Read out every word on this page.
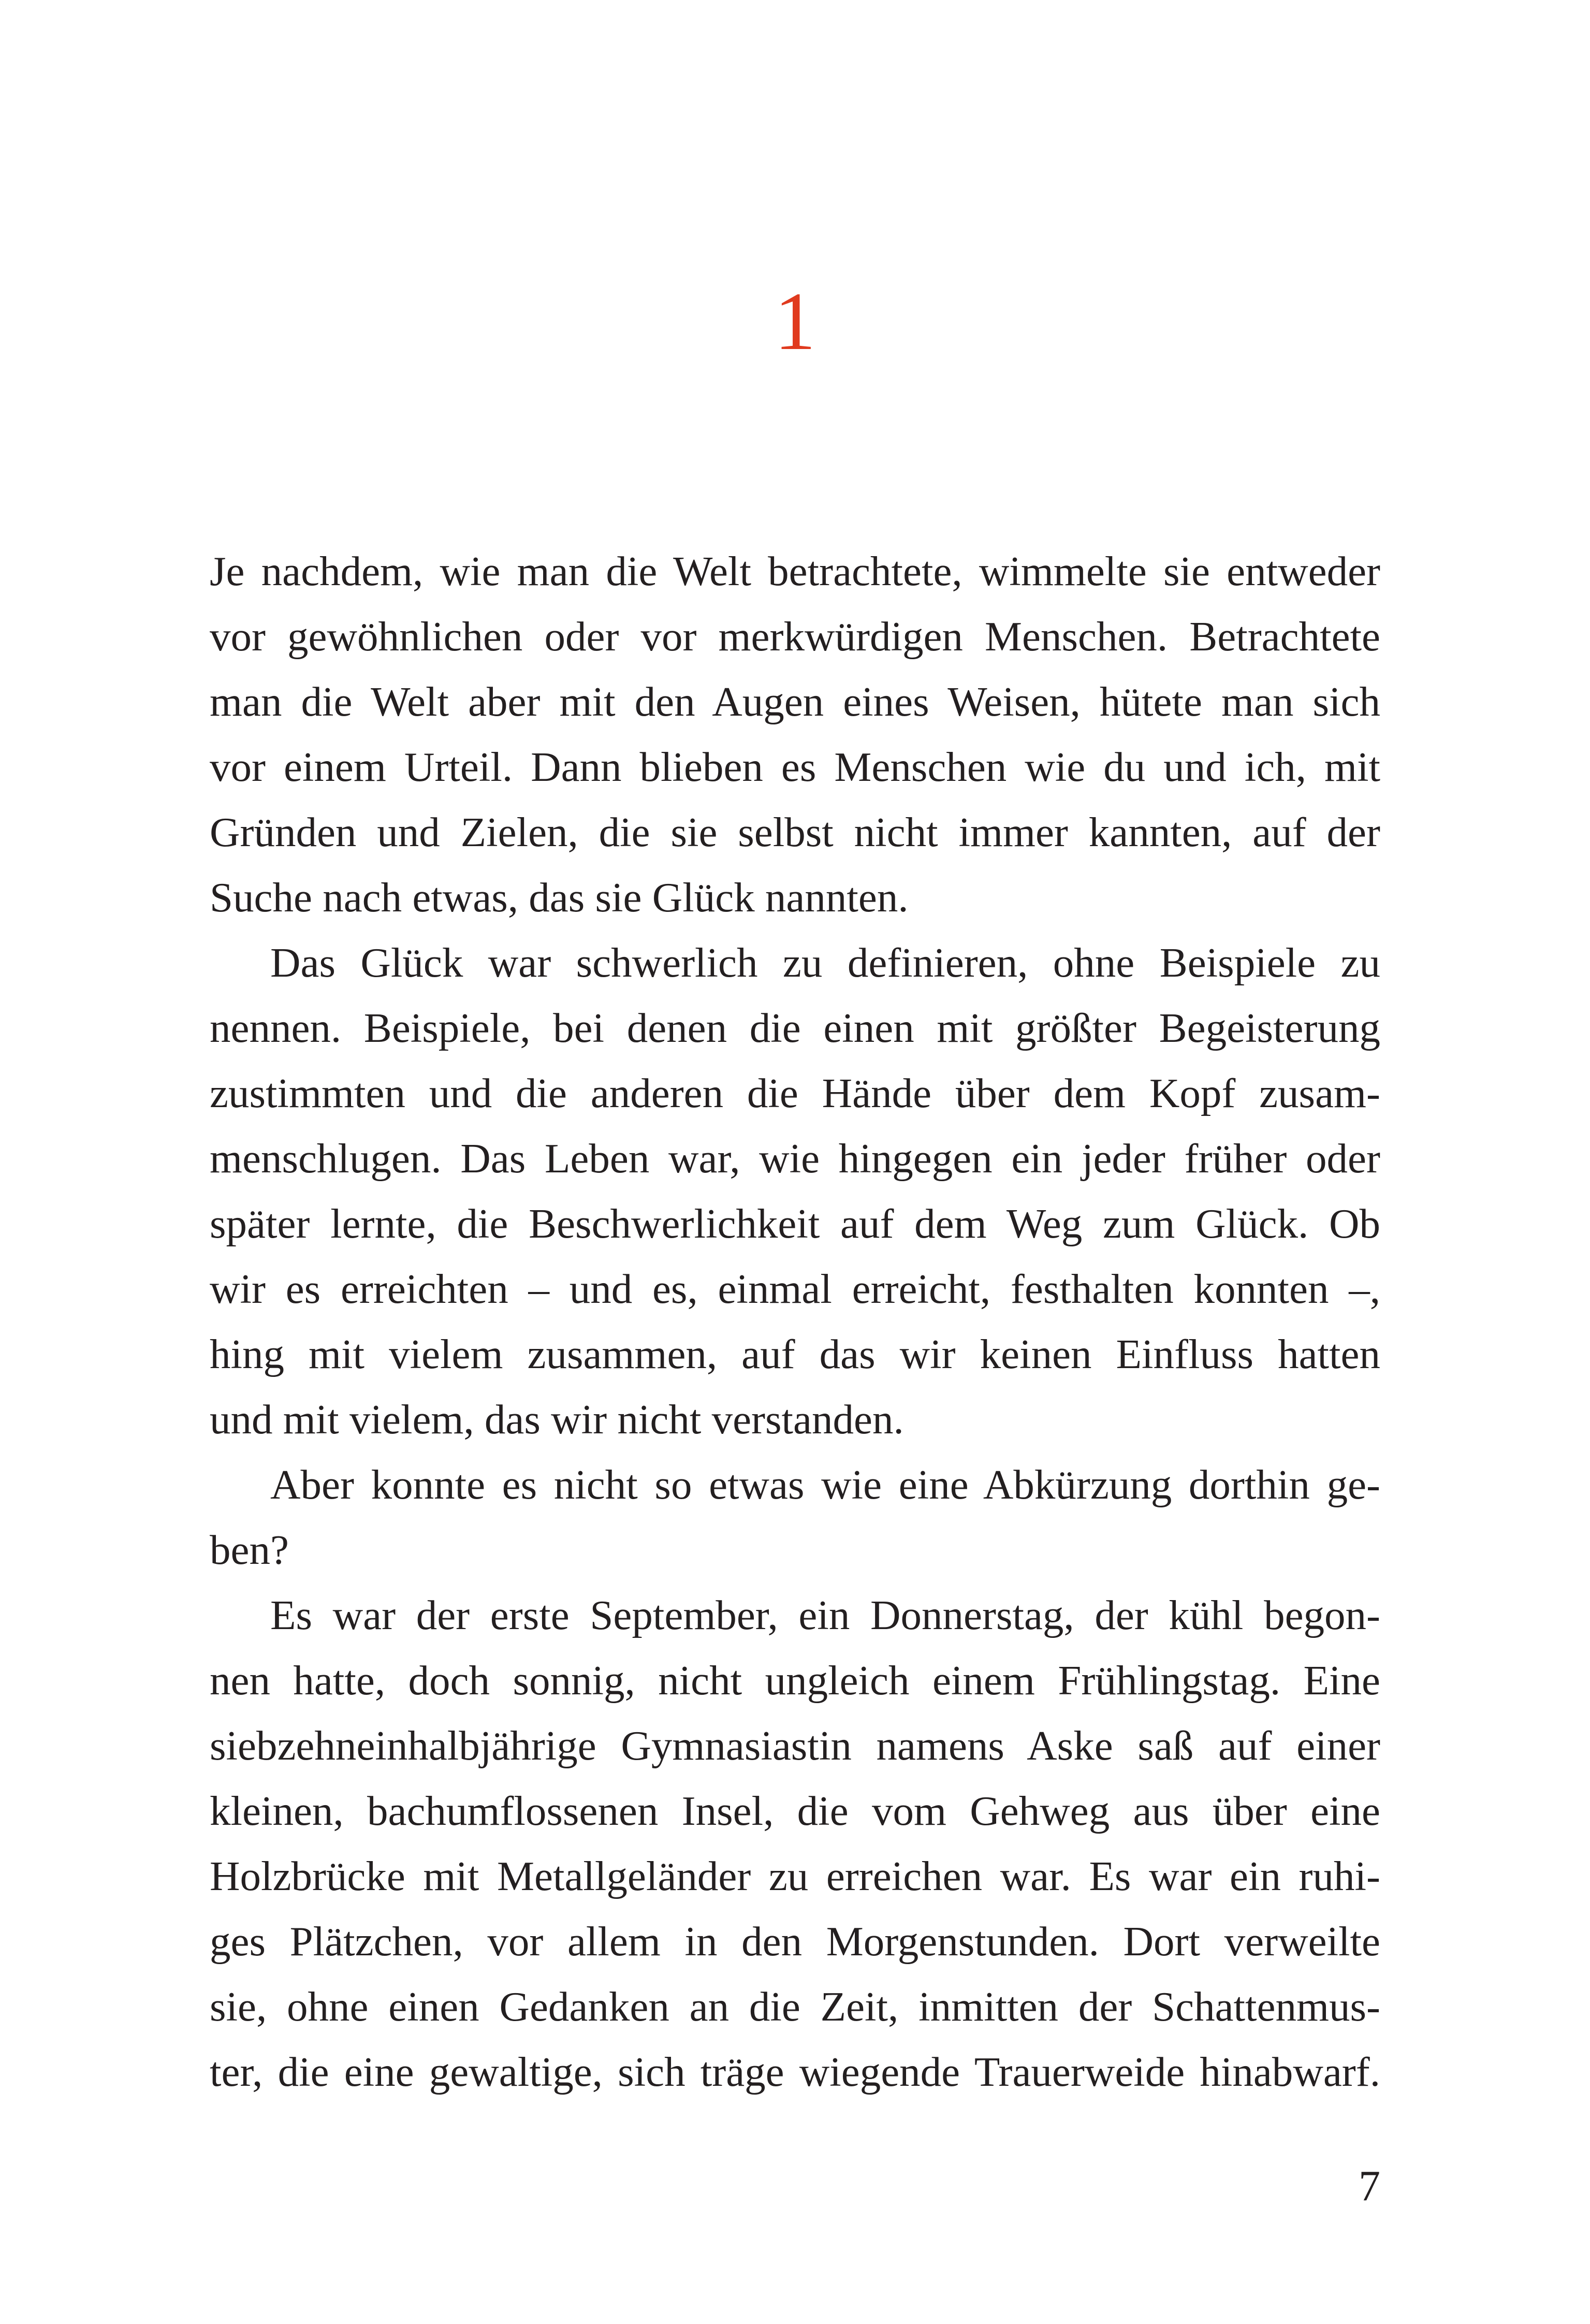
1
Je nachdem, wie man die Welt betrachtete, wimmelte sie entweder
vor gewöhnlichen oder vor merkwürdigen Menschen. Betrachtete
man die Welt aber mit den Augen eines Weisen, hütete man sich
vor einem Urteil. Dann blieben es Menschen wie du und ich, mit
Gründen und Zielen, die sie selbst nicht immer kannten, auf der
Suche nach etwas, das sie Glück nannten.
Das Glück war schwerlich zu definieren, ohne Beispiele zu
nennen. Beispiele, bei denen die einen mit größter Begeisterung
zustimmten und die anderen die Hände über dem Kopf zusam-
menschlugen. Das Leben war, wie hingegen ein jeder früher oder
später lernte, die Beschwerlichkeit auf dem Weg zum Glück. Ob
wir es erreichten – und es, einmal erreicht, festhalten konnten –,
hing mit vielem zusammen, auf das wir keinen Einfluss hatten
und mit vielem, das wir nicht verstanden.
Aber konnte es nicht so etwas wie eine Abkürzung dorthin ge-
ben?
Es war der erste September, ein Donnerstag, der kühl begon-
nen hatte, doch sonnig, nicht ungleich einem Frühlingstag. Eine
siebzehneinhalbjährige Gymnasiastin namens Aske saß auf einer
kleinen, bachumflossenen Insel, die vom Gehweg aus über eine
Holzbrücke mit Metallgeländer zu erreichen war. Es war ein ruhi-
ges Plätzchen, vor allem in den Morgenstunden. Dort verweilte
sie, ohne einen Gedanken an die Zeit, inmitten der Schattenmus-
ter, die eine gewaltige, sich träge wiegende Trauerweide hinabwarf.
7
